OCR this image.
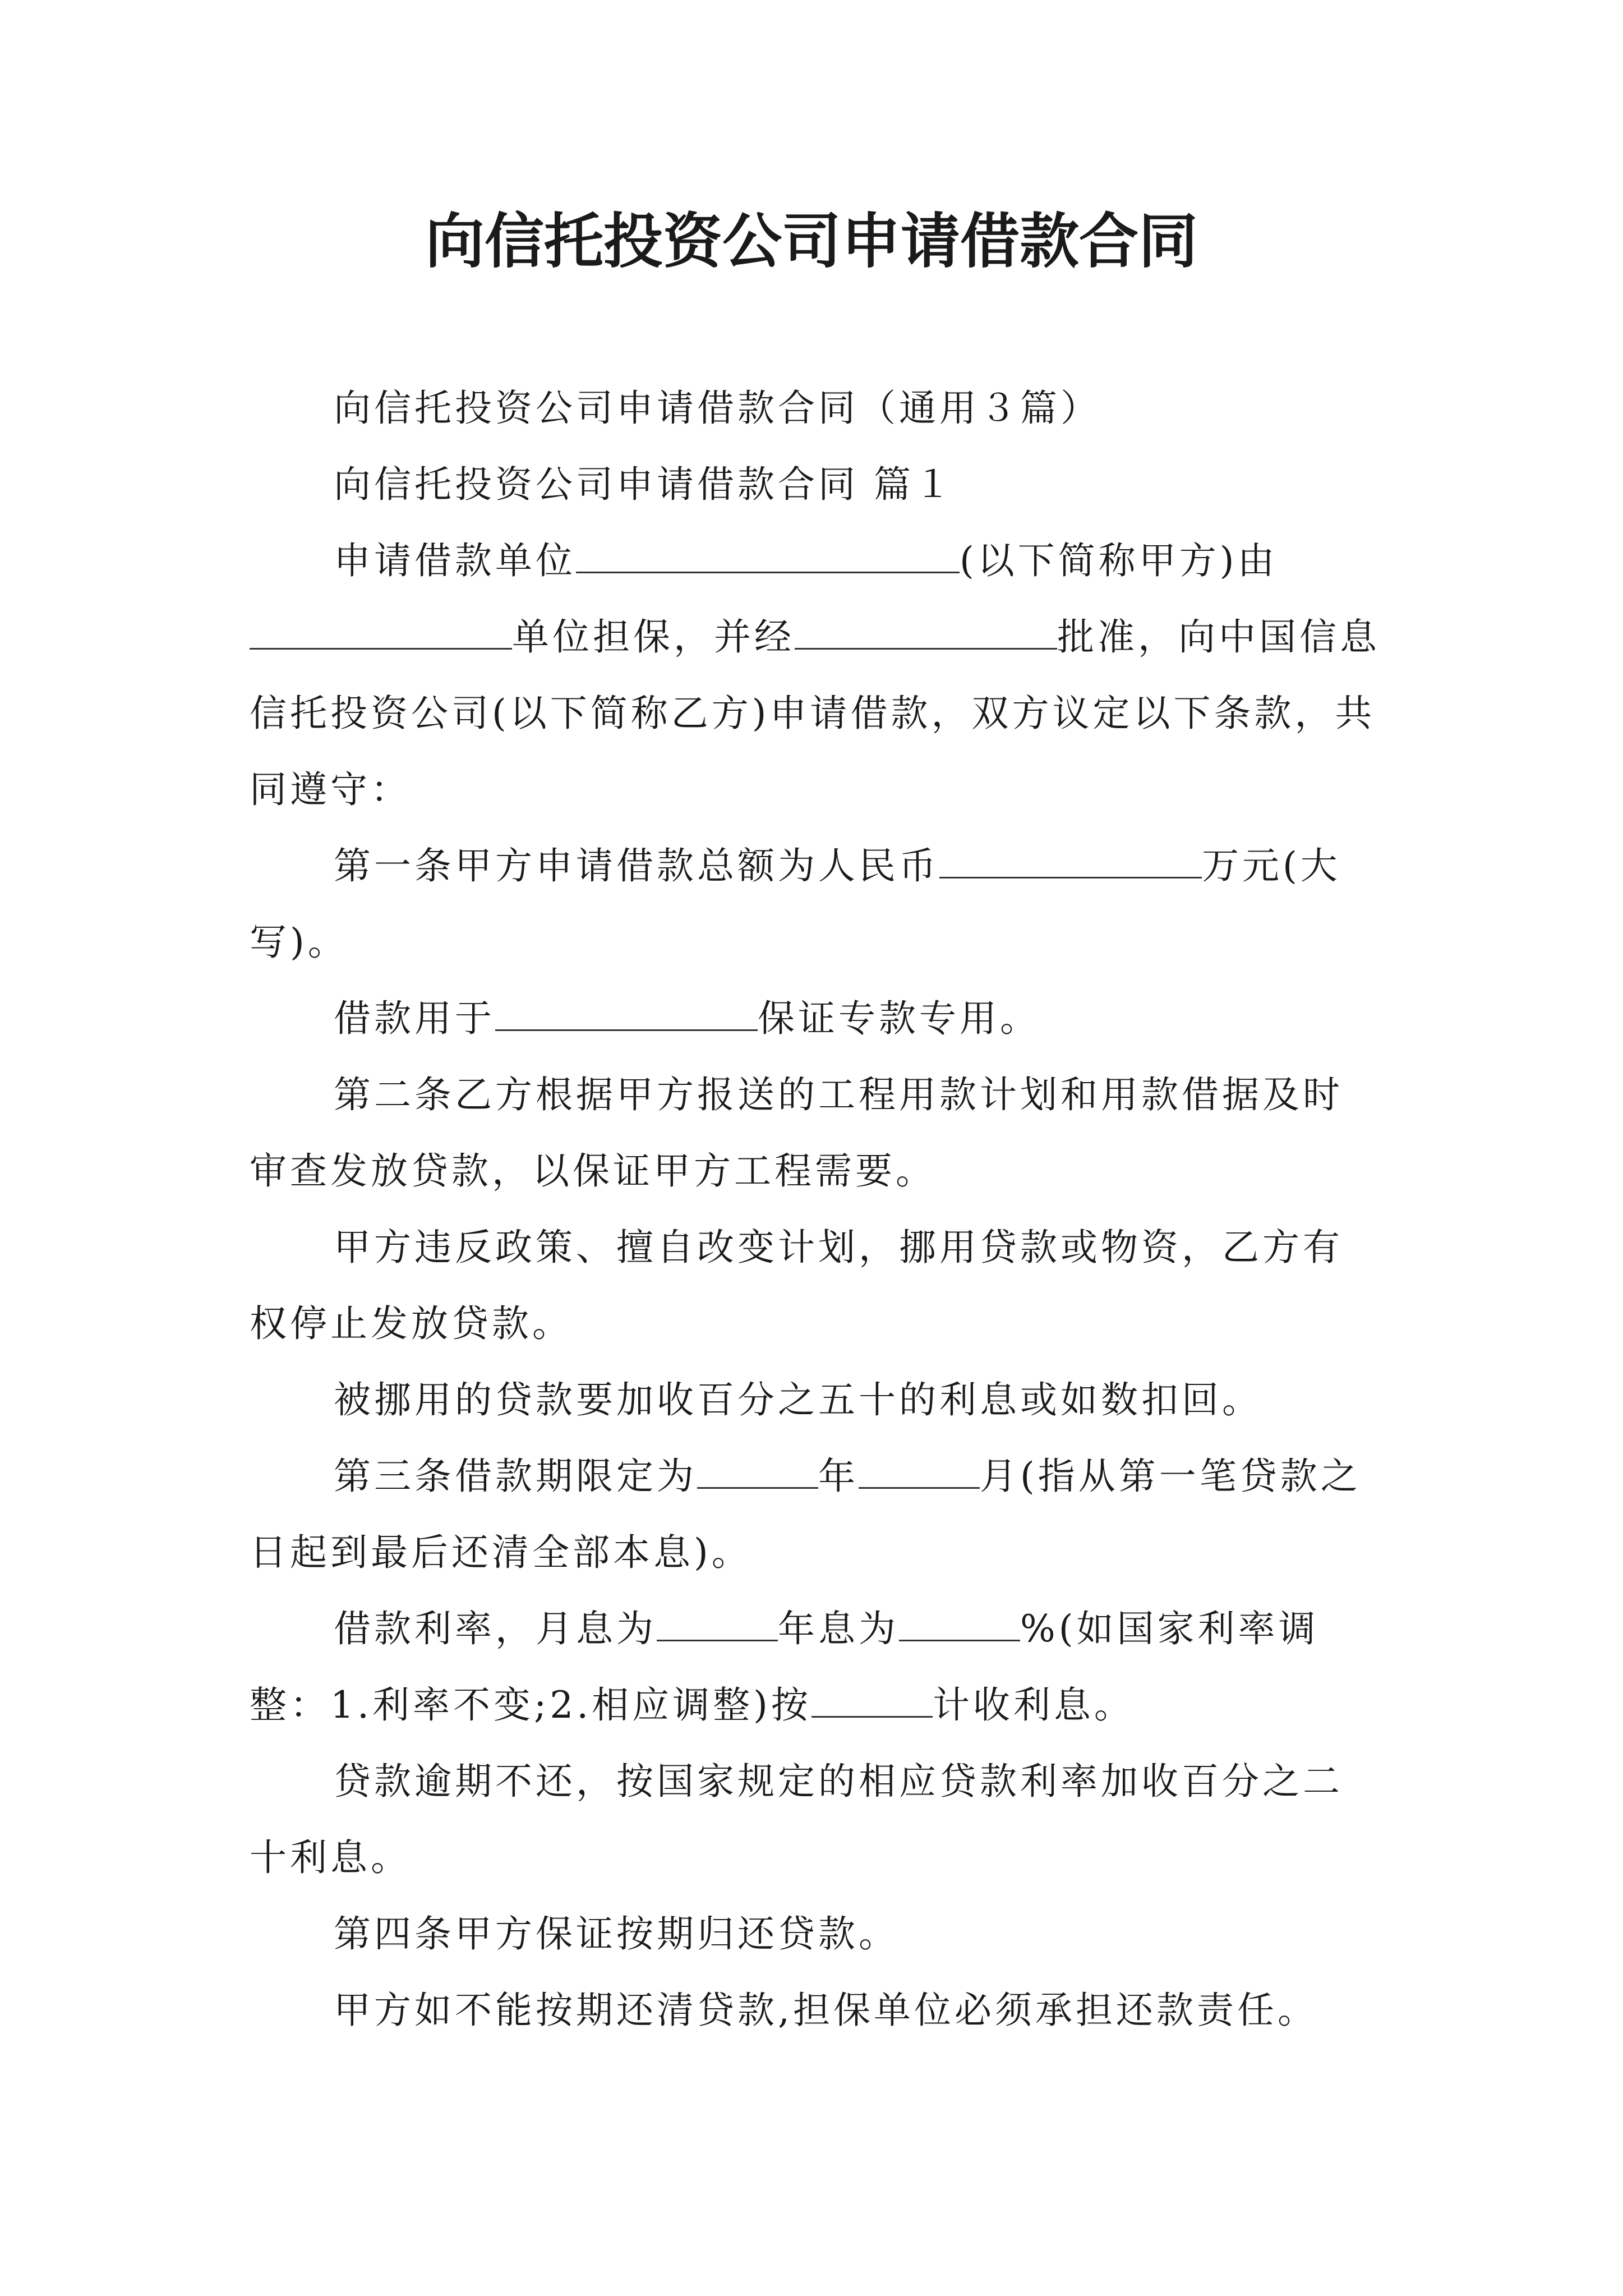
向信托投资公司申请借款合同

向信托投资公司申请借款合同（通用３篇）

向信托投资公司申请借款合同 篇１

申请借款单位	(以下简称甲方)由单位担保，并经	批准，向中国信息信托投资公司(以下简称乙方)申请借款，双方议定以下条款，共同遵守：

第一条甲方申请借款总额为人民币	万元(大写)。

借款用于	保证专款专用。

第二条乙方根据甲方报送的工程用款计划和用款借据及时审查发放贷款，以保证甲方工程需要。

甲方违反政策、擅自改变计划，挪用贷款或物资，乙方有权停止发放贷款。

被挪用的贷款要加收百分之五十的利息或如数扣回。

第三条借款期限定为	年	月(指从第一笔贷款之日起到最后还清全部本息)。

借款利率，月息为	年息为	%(如国家利率调整：1.利率不变;2.相应调整)按	计收利息。

贷款逾期不还，按国家规定的相应贷款利率加收百分之二十利息。

第四条甲方保证按期归还贷款。

甲方如不能按期还清贷款,担保单位必须承担还款责任。
